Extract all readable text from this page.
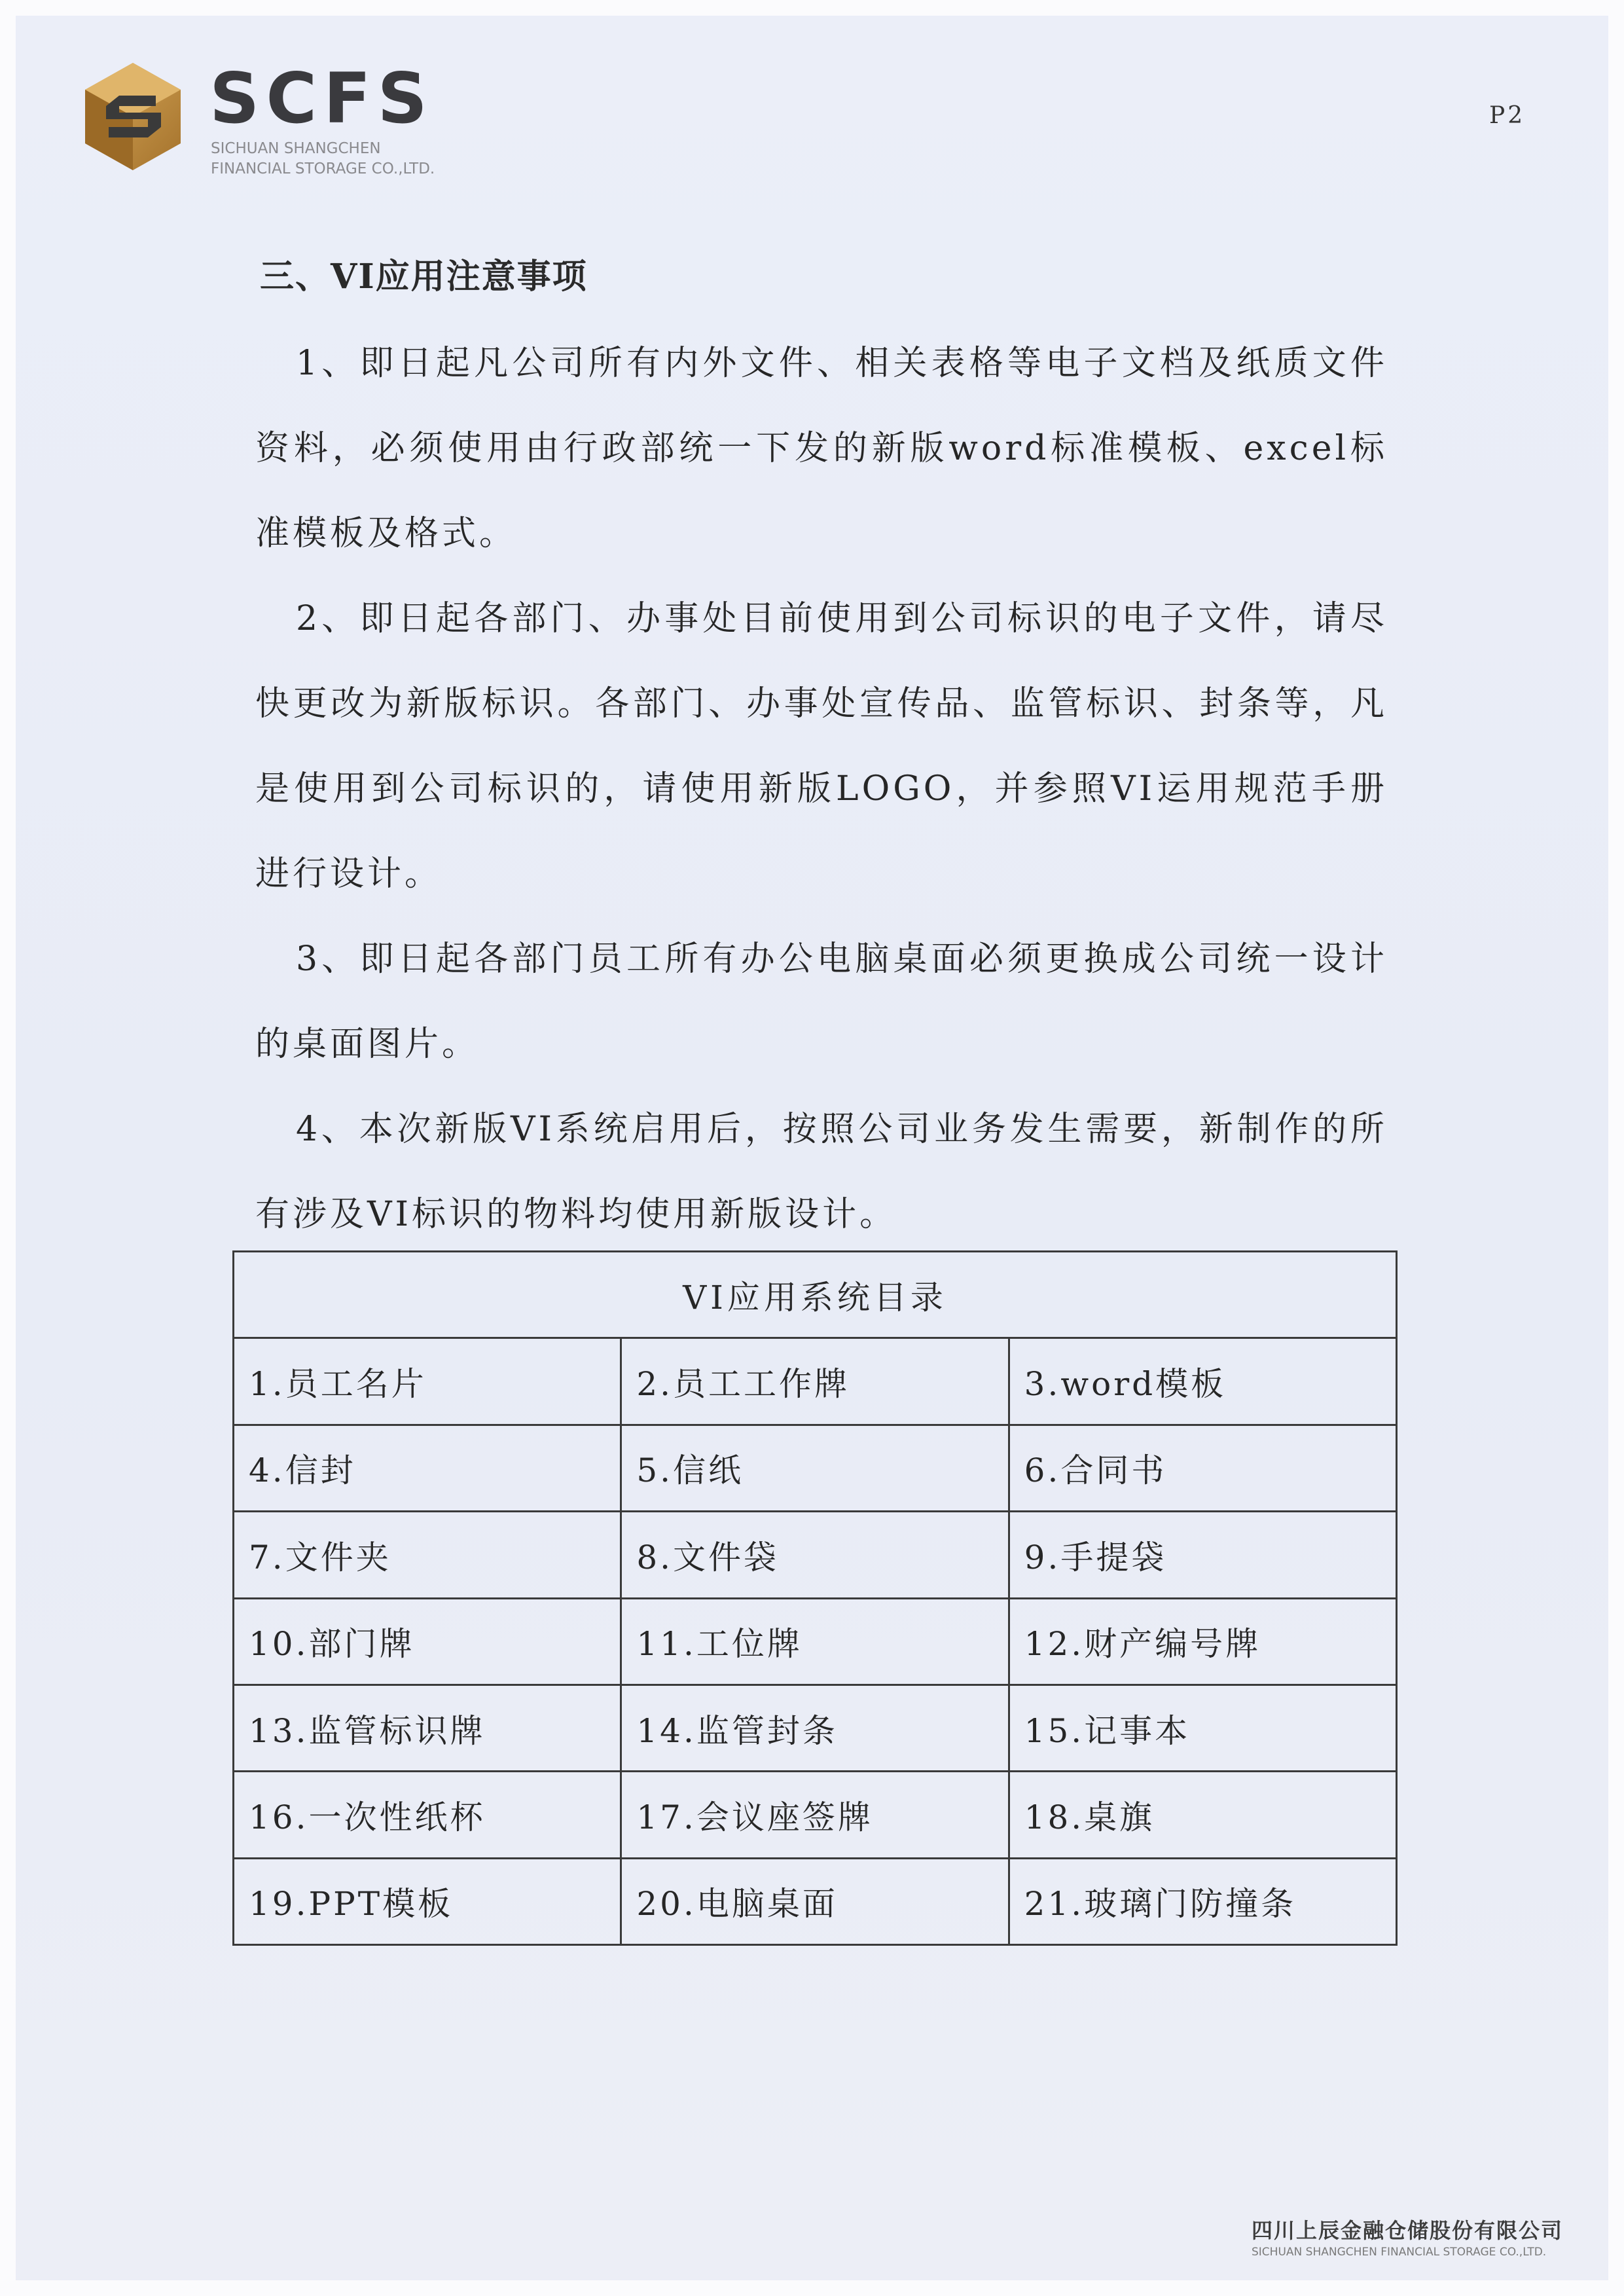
SCFS
SICHUAN SHANGCHEN
FINANCIAL STORAGE CO.,LTD.
P2
三、VI应用注意事项
1、即日起凡公司所有内外文件、相关表格等电子文档及纸质文件资料，必须使用由行政部统一下发的新版word标准模板、excel标准模板及格式。
2、即日起各部门、办事处目前使用到公司标识的电子文件，请尽快更改为新版标识。各部门、办事处宣传品、监管标识、封条等，凡是使用到公司标识的，请使用新版LOGO，并参照VI运用规范手册进行设计。
3、即日起各部门员工所有办公电脑桌面必须更换成公司统一设计的桌面图片。
4、本次新版VI系统启用后，按照公司业务发生需要，新制作的所有涉及VI标识的物料均使用新版设计。
VI应用系统目录		
1.员工名片	2.员工工作牌	3.word模板
4.信封	5.信纸	6.合同书
7.文件夹	8.文件袋	9.手提袋
10.部门牌	11.工位牌	12.财产编号牌
13.监管标识牌	14.监管封条	15.记事本
16.一次性纸杯	17.会议座签牌	18.桌旗
19.PPT模板	20.电脑桌面	21.玻璃门防撞条
四川上辰金融仓储股份有限公司
SICHUAN SHANGCHEN FINANCIAL STORAGE CO.,LTD.
